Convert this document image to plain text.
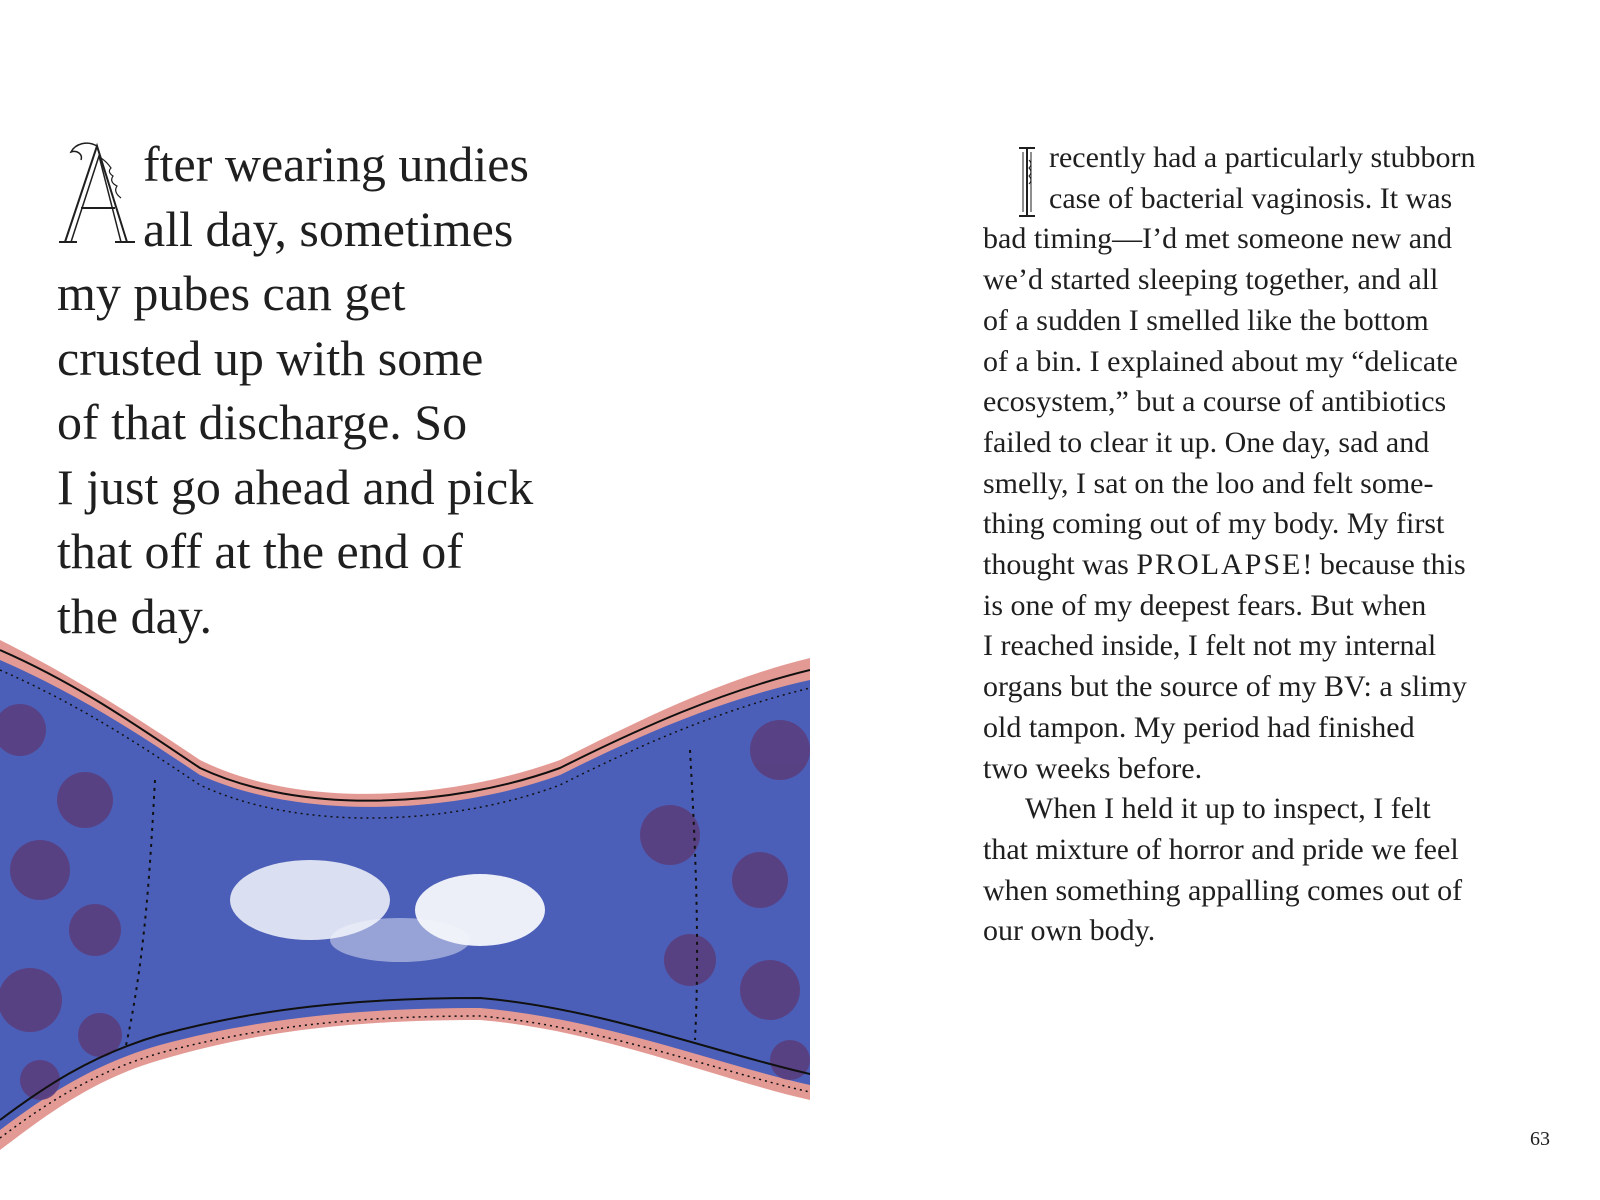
fter wearing undies
all day, sometimes
my pubes can get
crusted up with some
of that discharge. So
I just go ahead and pick
that off at the end of
the day.
recently had a particularly stubborn
case of bacterial vaginosis. It was
bad timing—I’d met someone new and
we’d started sleeping together, and all
of a sudden I smelled like the bottom
of a bin. I explained about my “delicate
ecosystem,” but a course of antibiotics
failed to clear it up. One day, sad and
smelly, I sat on the loo and felt some-
thing coming out of my body. My first
thought was PROLAPSE! because this
is one of my deepest fears. But when
I reached inside, I felt not my internal
organs but the source of my BV: a slimy
old tampon. My period had finished
two weeks before.
When I held it up to inspect, I felt
that mixture of horror and pride we feel
when something appalling comes out of
our own body.
63
